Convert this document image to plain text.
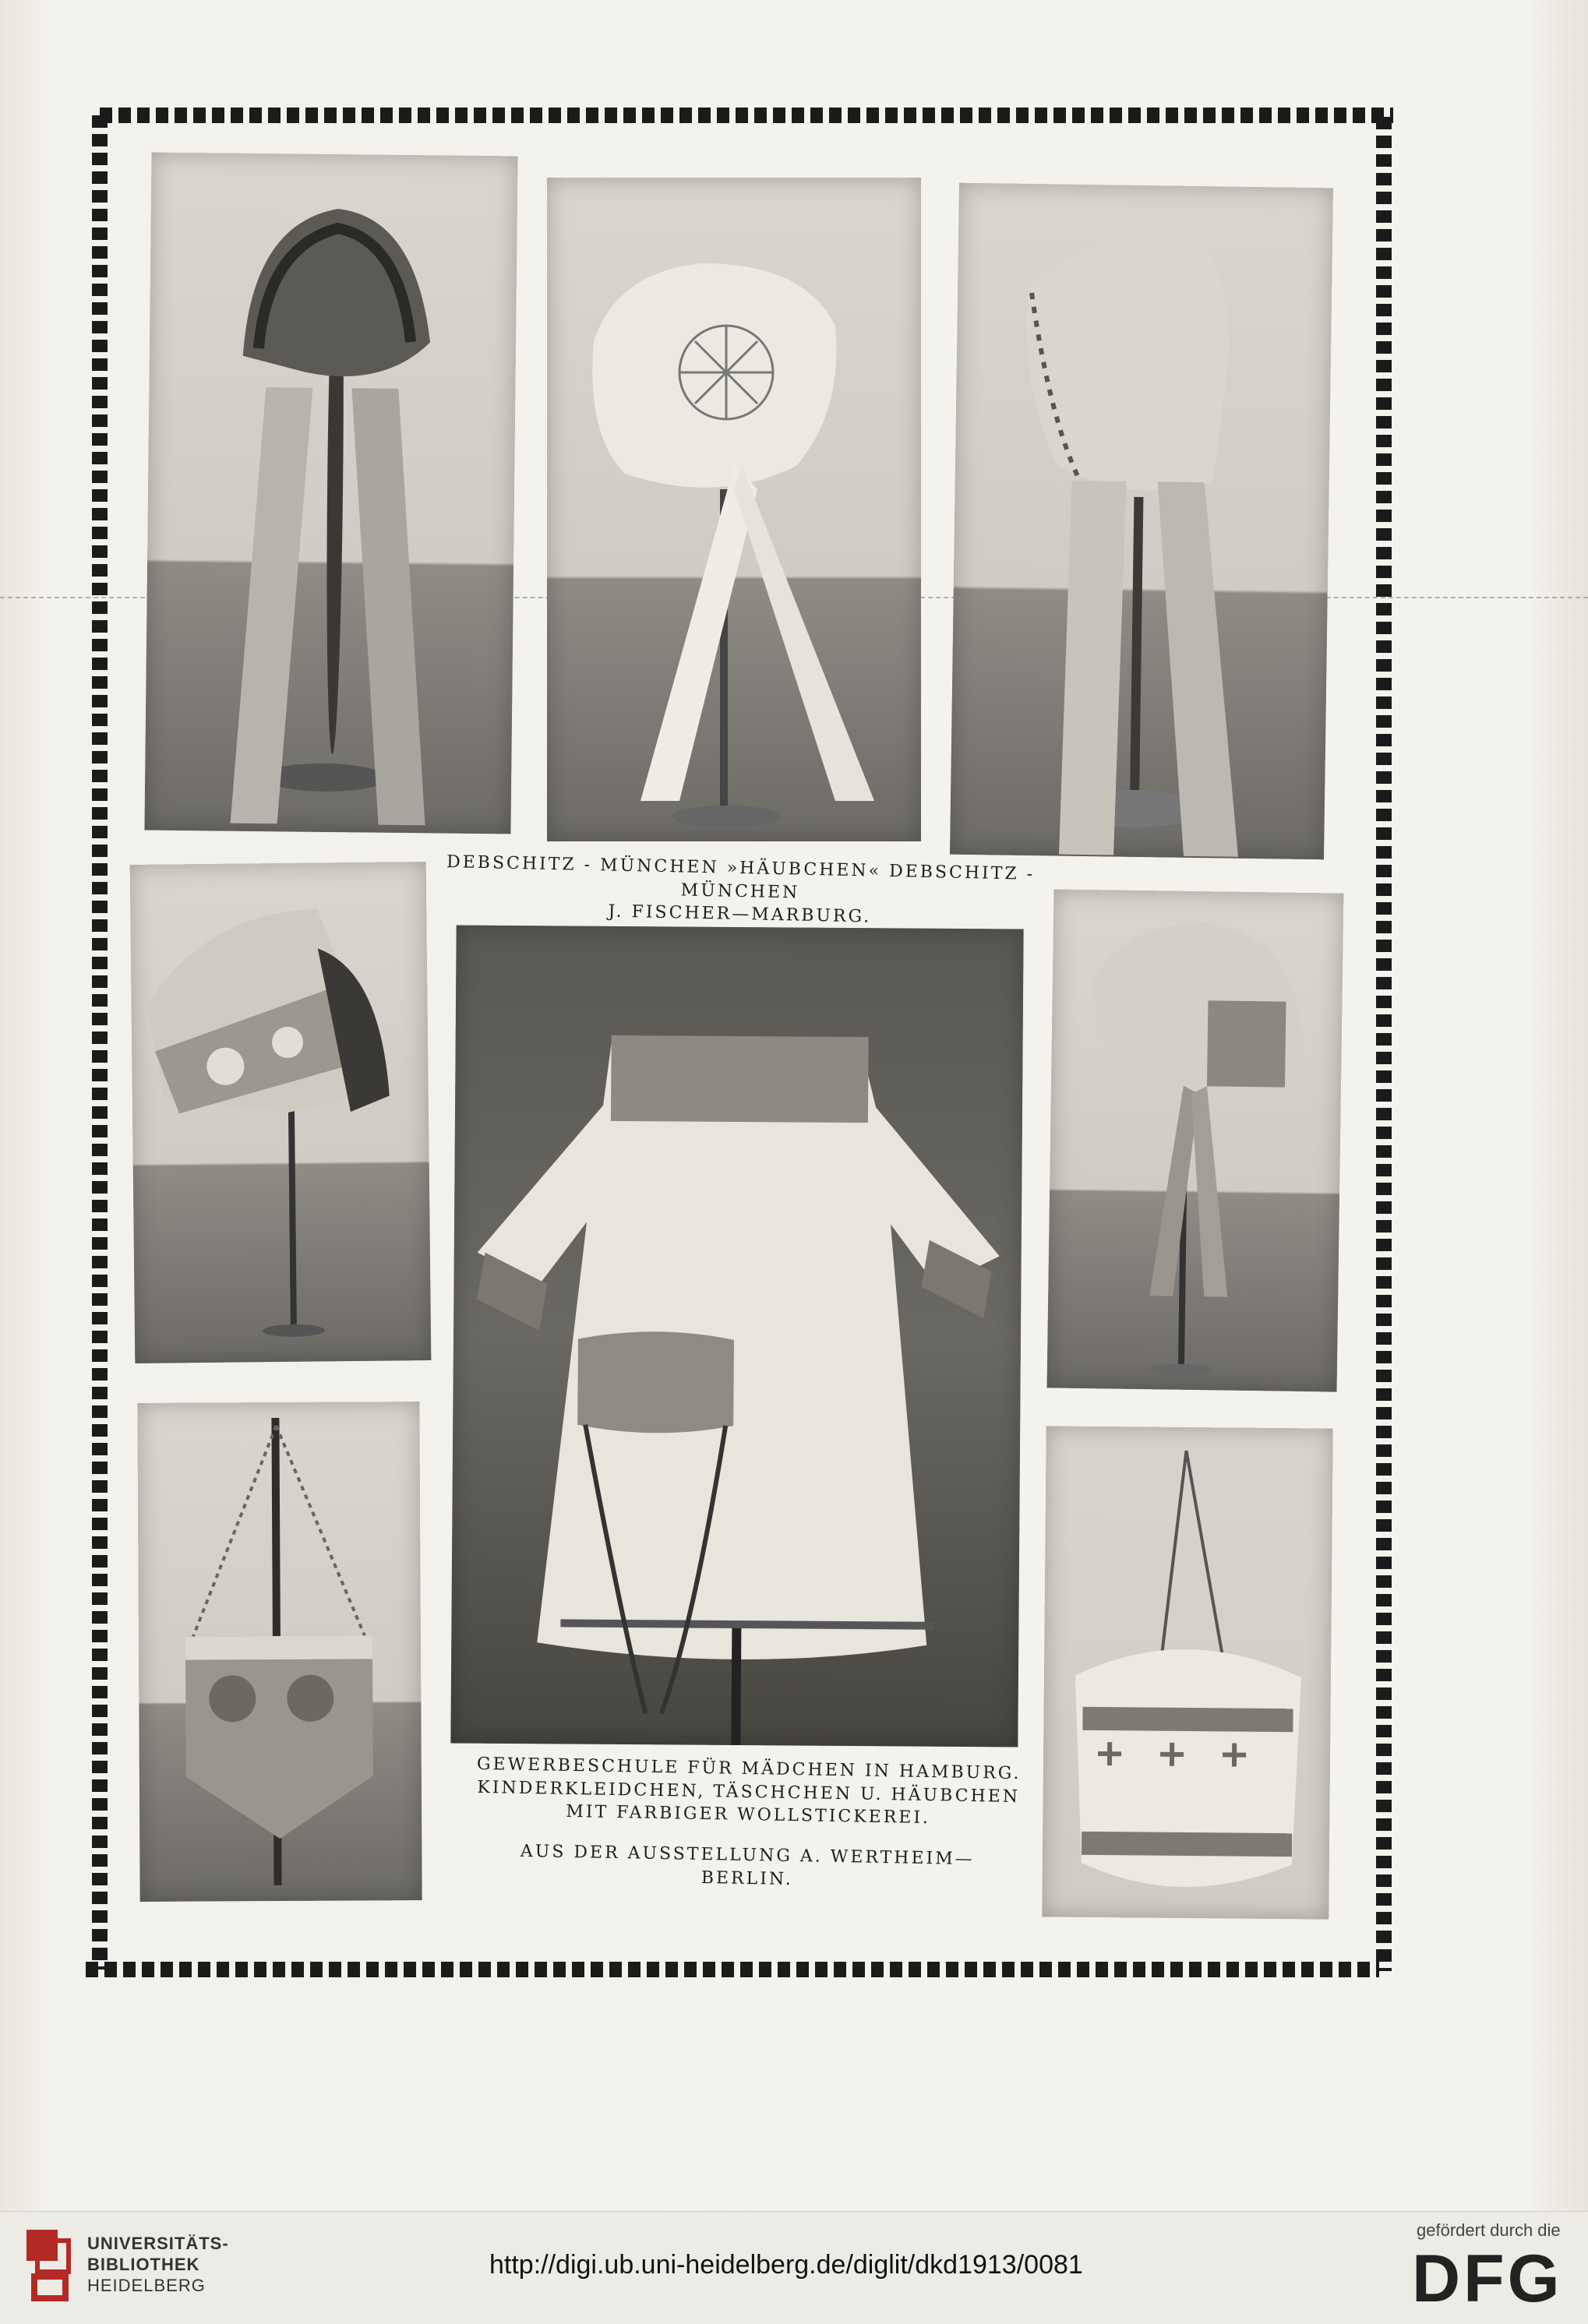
DEBSCHITZ - MÜNCHEN »HÄUBCHEN« DEBSCHITZ - MÜNCHEN
J. FISCHER—MARBURG.
GEWERBESCHULE FÜR MÄDCHEN IN HAMBURG.
KINDERKLEIDCHEN, TÄSCHCHEN U. HÄUBCHEN
MIT FARBIGER WOLLSTICKEREI.
AUS DER AUSSTELLUNG A. WERTHEIM—BERLIN.
UNIVERSITÄTS-
BIBLIOTHEK
HEIDELBERG
http://digi.ub.uni-heidelberg.de/diglit/dkd1913/0081
gefördert durch die
DFG
